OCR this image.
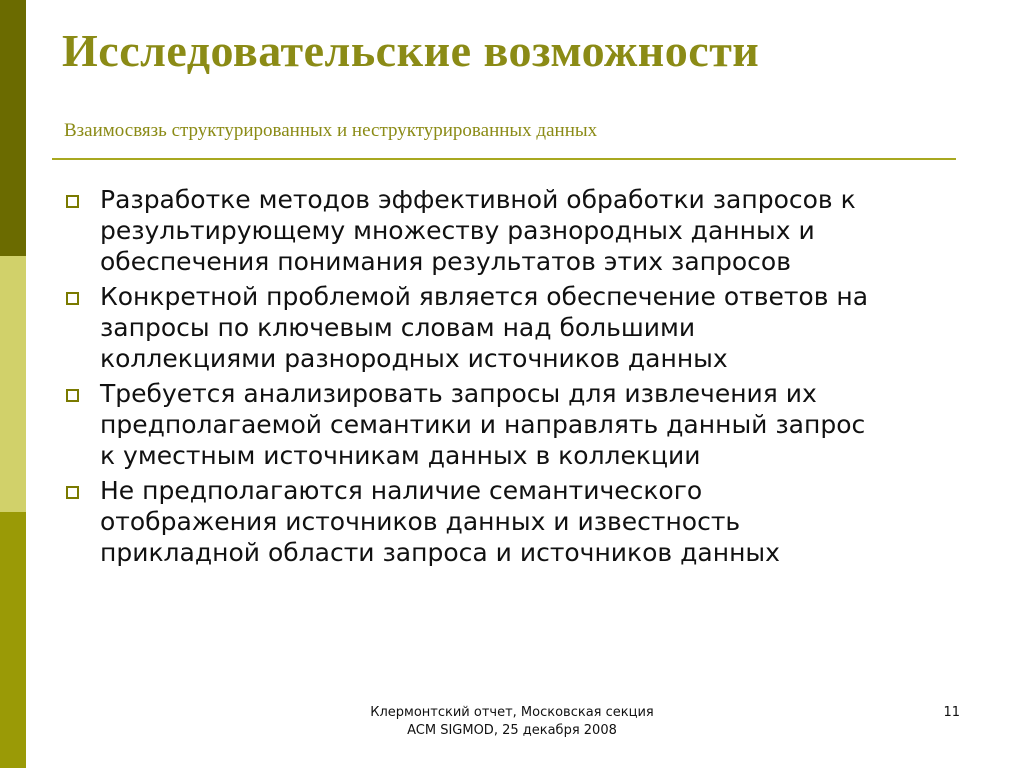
Исследовательские возможности
Взаимосвязь структурированных и неструктурированных данных
Разработке методов эффективной обработки запросов к
результирующему множеству разнородных данных и
обеспечения понимания результатов этих запросов
Конкретной проблемой является обеспечение ответов на
запросы по ключевым словам над большими
коллекциями разнородных источников данных
Требуется анализировать запросы для извлечения их
предполагаемой семантики и направлять данный запрос
к уместным источникам данных в коллекции
Не предполагаются наличие семантического
отображения источников данных и известность
прикладной области запроса и источников данных
Клермонтский отчет, Московская секция
ACM SIGMOD, 25 декабря 2008
11
